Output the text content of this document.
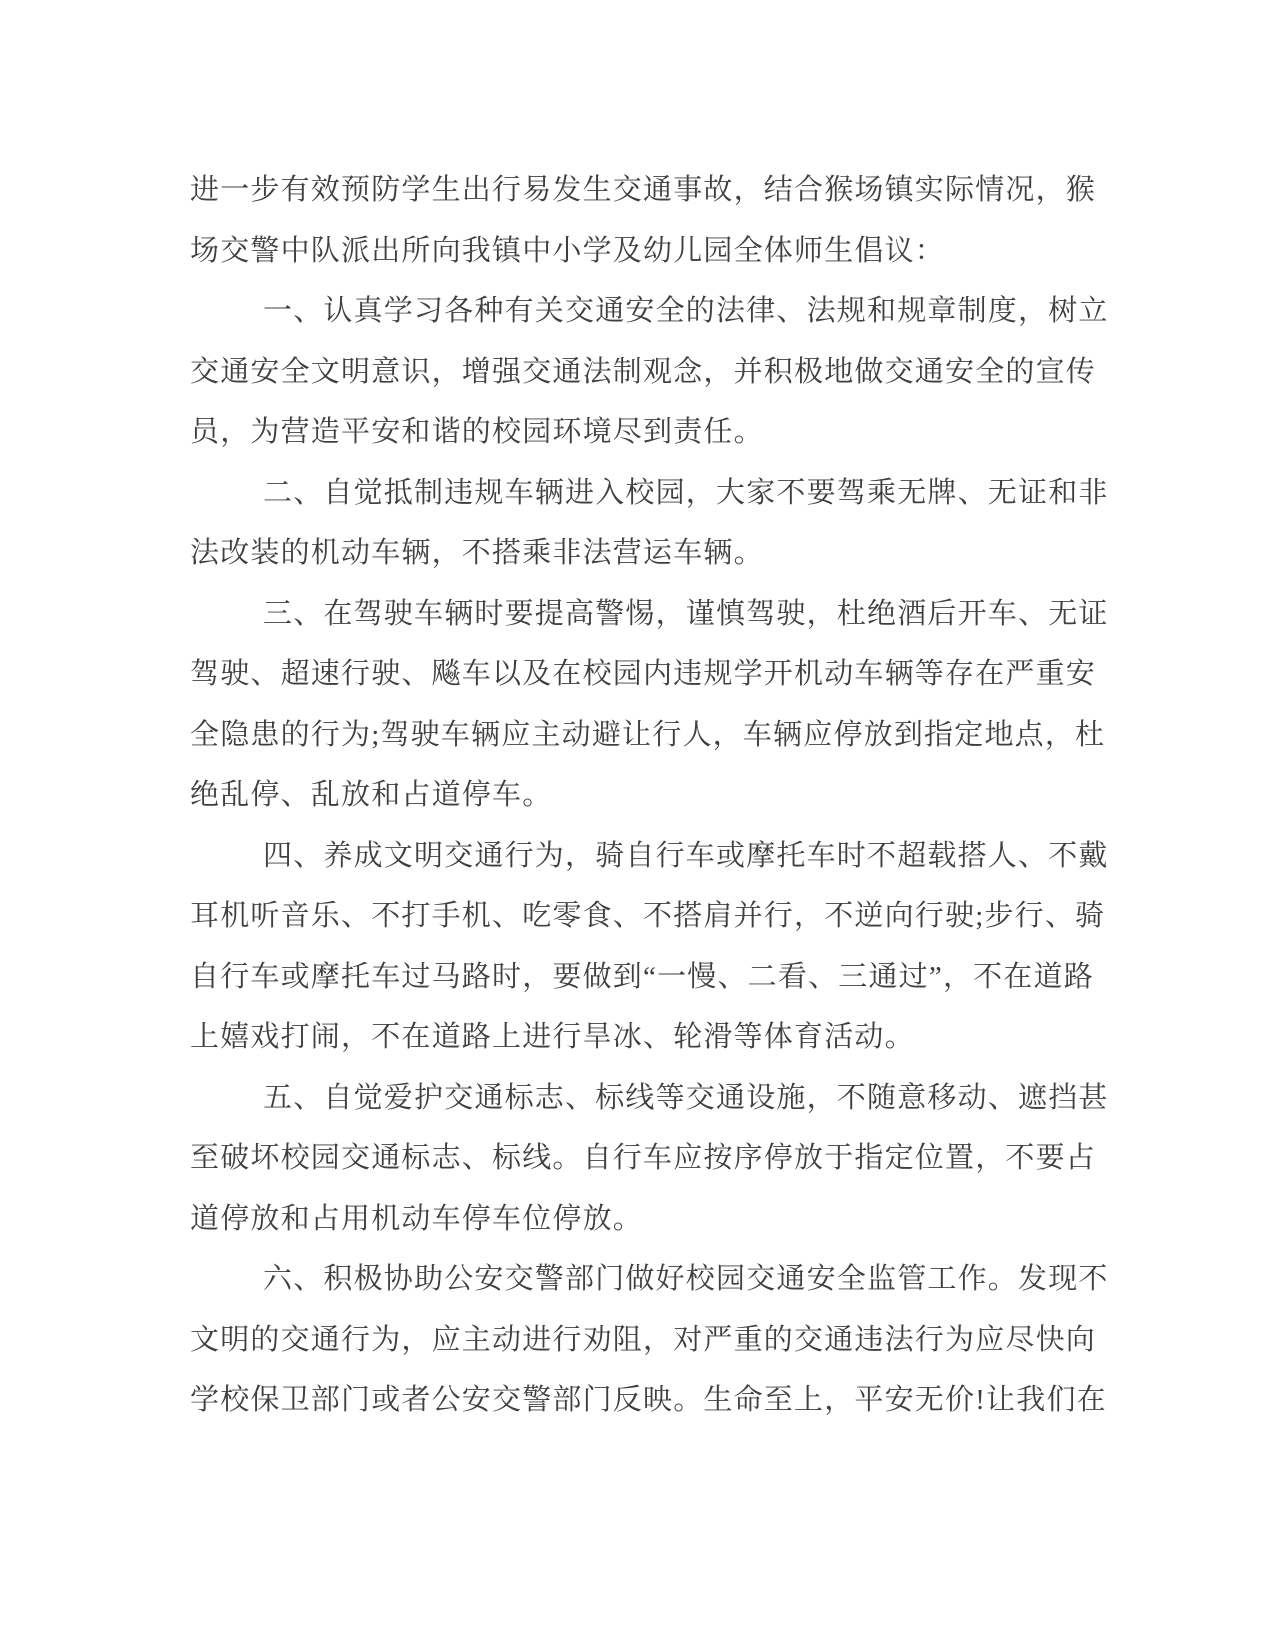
进一步有效预防学生出行易发生交通事故，结合猴场镇实际情况，猴
场交警中队派出所向我镇中小学及幼儿园全体师生倡议：
一、认真学习各种有关交通安全的法律、法规和规章制度，树立
交通安全文明意识，增强交通法制观念，并积极地做交通安全的宣传
员，为营造平安和谐的校园环境尽到责任。
二、自觉抵制违规车辆进入校园，大家不要驾乘无牌、无证和非
法改装的机动车辆，不搭乘非法营运车辆。
三、在驾驶车辆时要提高警惕，谨慎驾驶，杜绝酒后开车、无证
驾驶、超速行驶、飚车以及在校园内违规学开机动车辆等存在严重安
全隐患的行为;驾驶车辆应主动避让行人，车辆应停放到指定地点，杜
绝乱停、乱放和占道停车。
四、养成文明交通行为，骑自行车或摩托车时不超载搭人、不戴
耳机听音乐、不打手机、吃零食、不搭肩并行，不逆向行驶;步行、骑
自行车或摩托车过马路时，要做到“一慢、二看、三通过”，不在道路
上嬉戏打闹，不在道路上进行旱冰、轮滑等体育活动。
五、自觉爱护交通标志、标线等交通设施，不随意移动、遮挡甚
至破坏校园交通标志、标线。自行车应按序停放于指定位置，不要占
道停放和占用机动车停车位停放。
六、积极协助公安交警部门做好校园交通安全监管工作。发现不
文明的交通行为，应主动进行劝阻，对严重的交通违法行为应尽快向
学校保卫部门或者公安交警部门反映。生命至上，平安无价!让我们在
